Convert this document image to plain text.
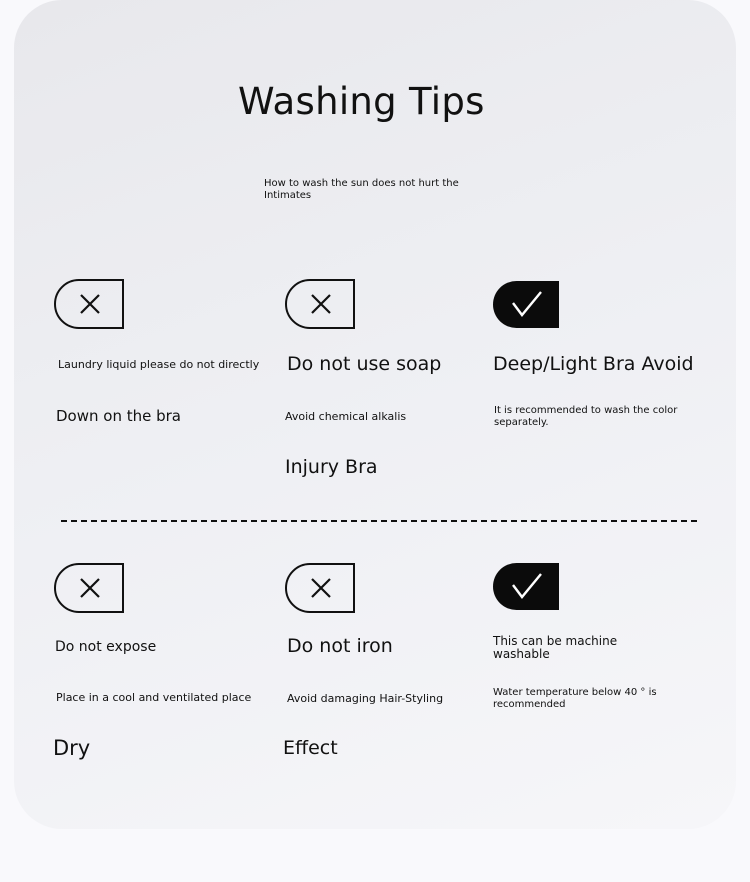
Washing Tips
How to wash the sun does not hurt the Intimates
Laundry liquid please do not directly
Down on the bra
Do not use soap
Avoid chemical alkalis
Injury Bra
Deep/Light Bra Avoid
It is recommended to wash the color separately.
Do not expose
Place in a cool and ventilated place
Dry
Do not iron
Avoid damaging Hair-Styling
Effect
This can be machine washable
Water temperature below 40 ° is recommended
